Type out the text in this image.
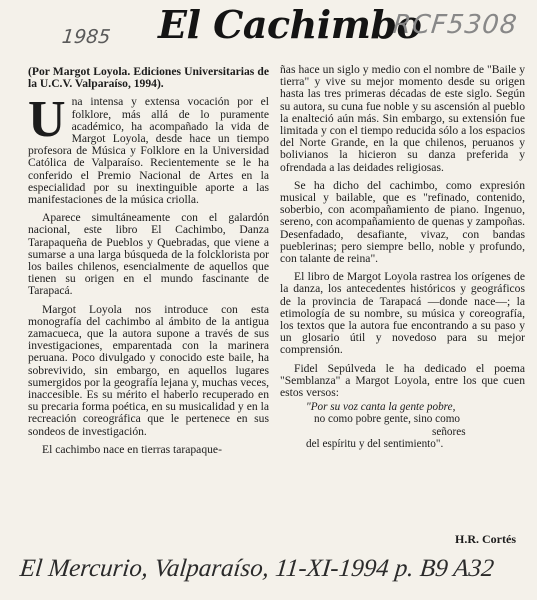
1985 El Cachimbo
RCF5308

(Por Margot Loyola. Ediciones Universitarias de la U.C.V. Valparaíso, 1994).

Una intensa y extensa vocación por el folklore, más allá de lo puramente académico, ha acompañado la vida de Margot Loyola, desde hace un tiempo profesora de Música y Folklore en la Universidad Católica de Valparaíso. Recientemente se le ha conferido el Premio Nacional de Artes en la especialidad por su inextinguible aporte a las manifestaciones de la música criolla.

Aparece simultáneamente con el galardón nacional, este libro El Cachimbo, Danza Tarapaqueña de Pueblos y Quebradas, que viene a sumarse a una larga búsqueda de la folckloristа por los bailes chilenos, esencialmente de aquellos que tienen su origen en el mundo fascinante de Tarapacá.

Margot Loyola nos introduce con esta monografía del cachimbo al ámbito de la antigua zamacueca, que la autora supone a través de sus investigaciones, emparentada con la marinera peruana. Poco divulgado y conocido este baile, ha sobrevivido, sin embargo, en aquellos lugares sumergidos por la geografía lejana y, muchas veces, inaccesible. Es su mérito el haberlo recuperado en su precaria forma poética, en su musicalidad y en la recreación coreográfica que le pertenece en sus sondeos de investigación.

El cachimbo nace en tierras tarapaque-

ñas hace un siglo y medio con el nombre de "Baile y tierra" y vive su mejor momento desde su origen hasta las tres primeras décadas de este siglo. Según su autora, su cuna fue noble y su ascensión al pueblo la enalteció aún más. Sin embargo, su extensión fue limitada y con el tiempo reducida sólo a los espacios del Norte Grande, en la que chilenos, peruanos y bolivianos la hicieron su danza preferida y ofrendada a las deidades religiosas.

Se ha dicho del cachimbo, como expresión musical y bailable, que es "refinado, contenido, soberbio, con acompañamiento de piano. Ingenuo, sereno, con acompañamiento de quenas y zampoñas. Desenfadado, desafiante, vivaz, con bandas pueblerinas; pero siempre bello, noble y profundo, con talante de reina".

El libro de Margot Loyola rastrea los orígenes de la danza, los antecedentes históricos y geográficos de la provincia de Tarapacá —donde nace—; la etimología de su nombre, su música y coreografía, los textos que la autora fue encontrando a su paso y un glosario útil y novedoso para su mejor comprensión.

Fidel Sepúlveda le ha dedicado el poema "Semblanza" a Margot Loyola, entre los que cuen estos versos:

"Por su voz canta la gente pobre,
no como pobre gente, sino como
señores
del espíritu y del sentimiento".

H.R. Cortés
El Mercurio, Valparaíso, 11-XI-1994 p. B9 A32
